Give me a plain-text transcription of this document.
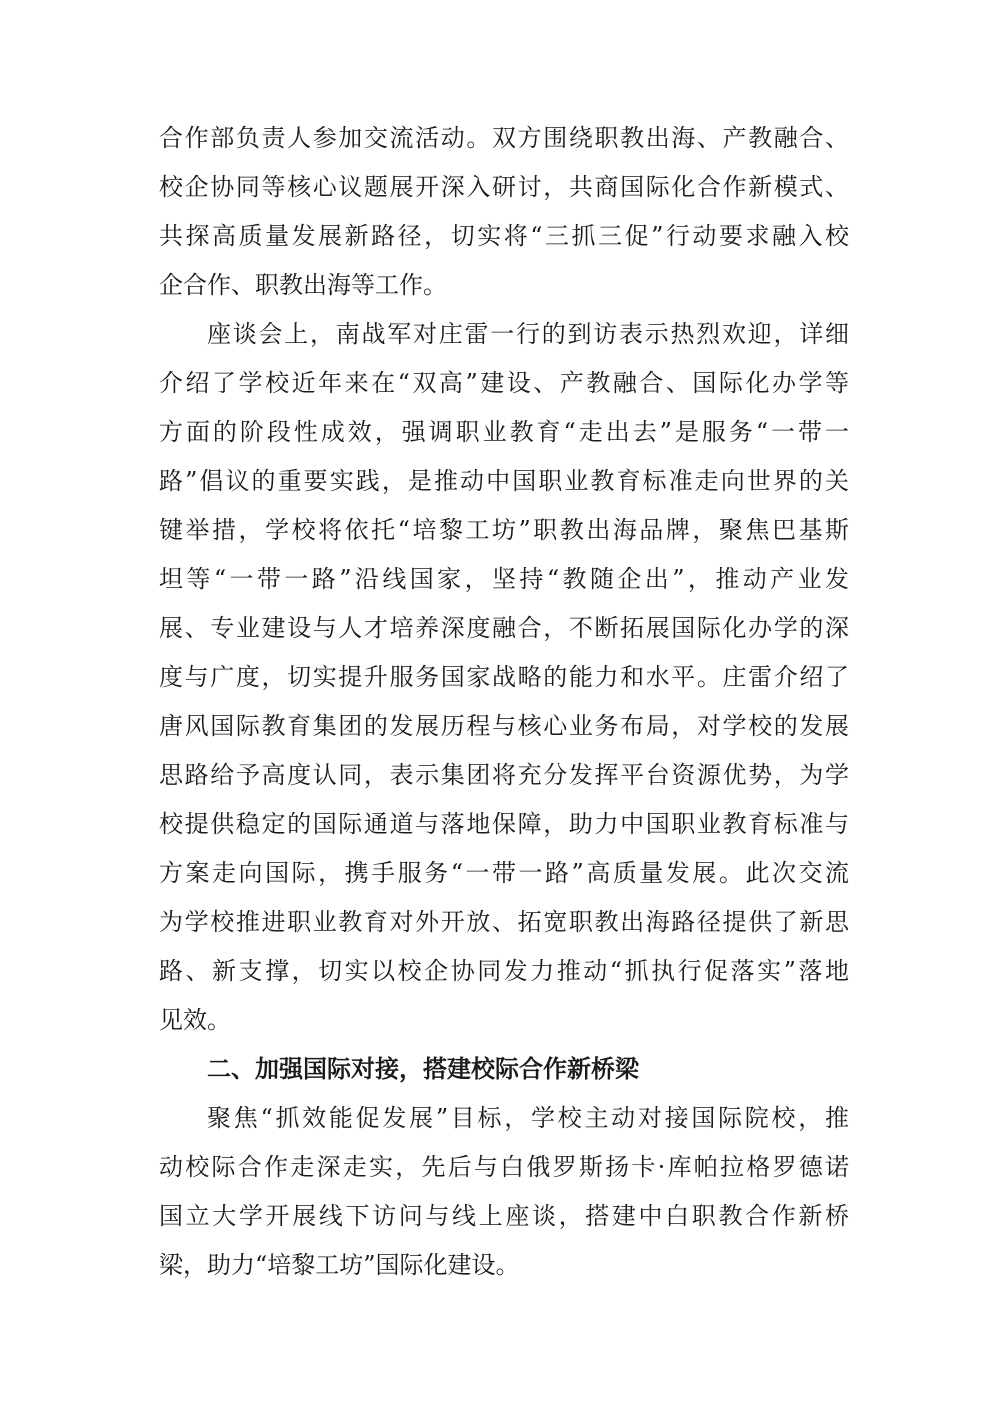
合作部负责人参加交流活动。双方围绕职教出海、产教融合、
校企协同等核心议题展开深入研讨，共商国际化合作新模式、
共探高质量发展新路径，切实将“三抓三促”行动要求融入校
企合作、职教出海等工作。
座谈会上，南战军对庄雷一行的到访表示热烈欢迎，详细
介绍了学校近年来在“双高”建设、产教融合、国际化办学等
方面的阶段性成效，强调职业教育“走出去”是服务“一带一
路”倡议的重要实践，是推动中国职业教育标准走向世界的关
键举措，学校将依托“培黎工坊”职教出海品牌，聚焦巴基斯
坦等“一带一路”沿线国家，坚持“教随企出”，推动产业发
展、专业建设与人才培养深度融合，不断拓展国际化办学的深
度与广度，切实提升服务国家战略的能力和水平。庄雷介绍了
唐风国际教育集团的发展历程与核心业务布局，对学校的发展
思路给予高度认同，表示集团将充分发挥平台资源优势，为学
校提供稳定的国际通道与落地保障，助力中国职业教育标准与
方案走向国际，携手服务“一带一路”高质量发展。此次交流
为学校推进职业教育对外开放、拓宽职教出海路径提供了新思
路、新支撑，切实以校企协同发力推动“抓执行促落实”落地
见效。
二、加强国际对接，搭建校际合作新桥梁
聚焦“抓效能促发展”目标，学校主动对接国际院校，推
动校际合作走深走实，先后与白俄罗斯扬卡·库帕拉格罗德诺
国立大学开展线下访问与线上座谈，搭建中白职教合作新桥
梁，助力“培黎工坊”国际化建设。
